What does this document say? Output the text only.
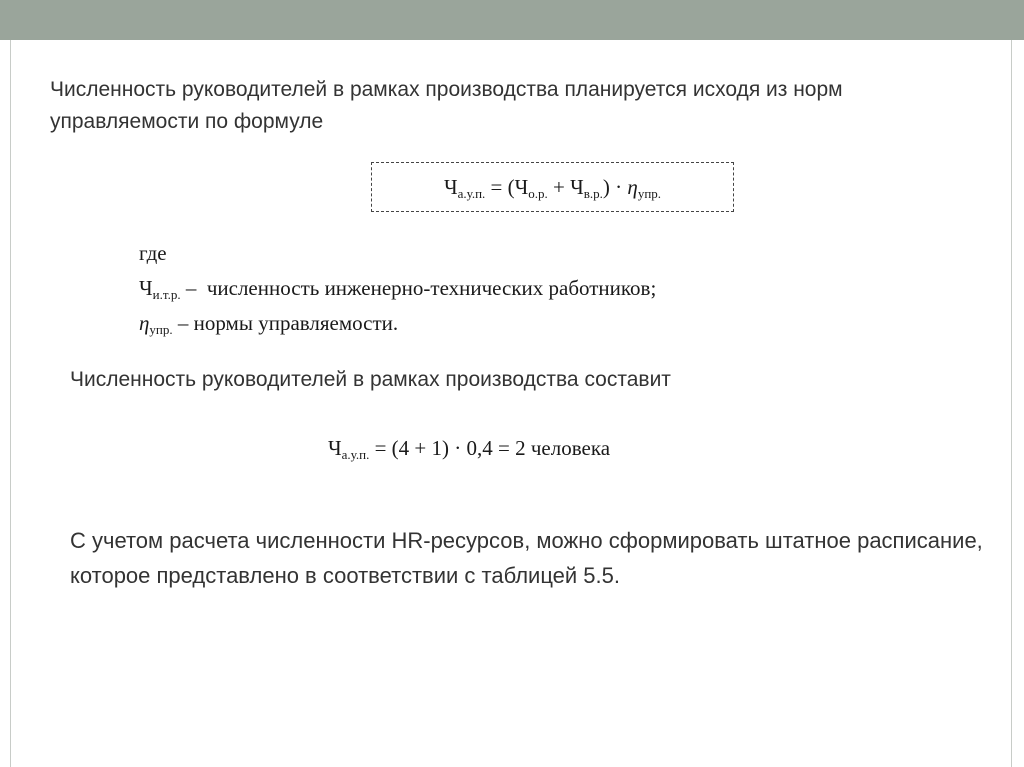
Численность руководителей в рамках производства планируется исходя из норм управляемости по формуле

$Ч_{а.у.п.} = (Ч_{о.р.} + Ч_{в.р.}) \cdot \eta_{упр.}$
где
$Ч_{и.т.р.}$ –  численность инженерно-технических работников;
$\eta_{упр.}$ – нормы управляемости.

Численность руководителей в рамках производства составит

$Ч_{а.у.п.} = (4 + 1) \cdot 0,4 = 2$ человека

С учетом расчета численности HR-ресурсов, можно сформировать штатное расписание, которое представлено в соответствии с таблицей 5.5.
